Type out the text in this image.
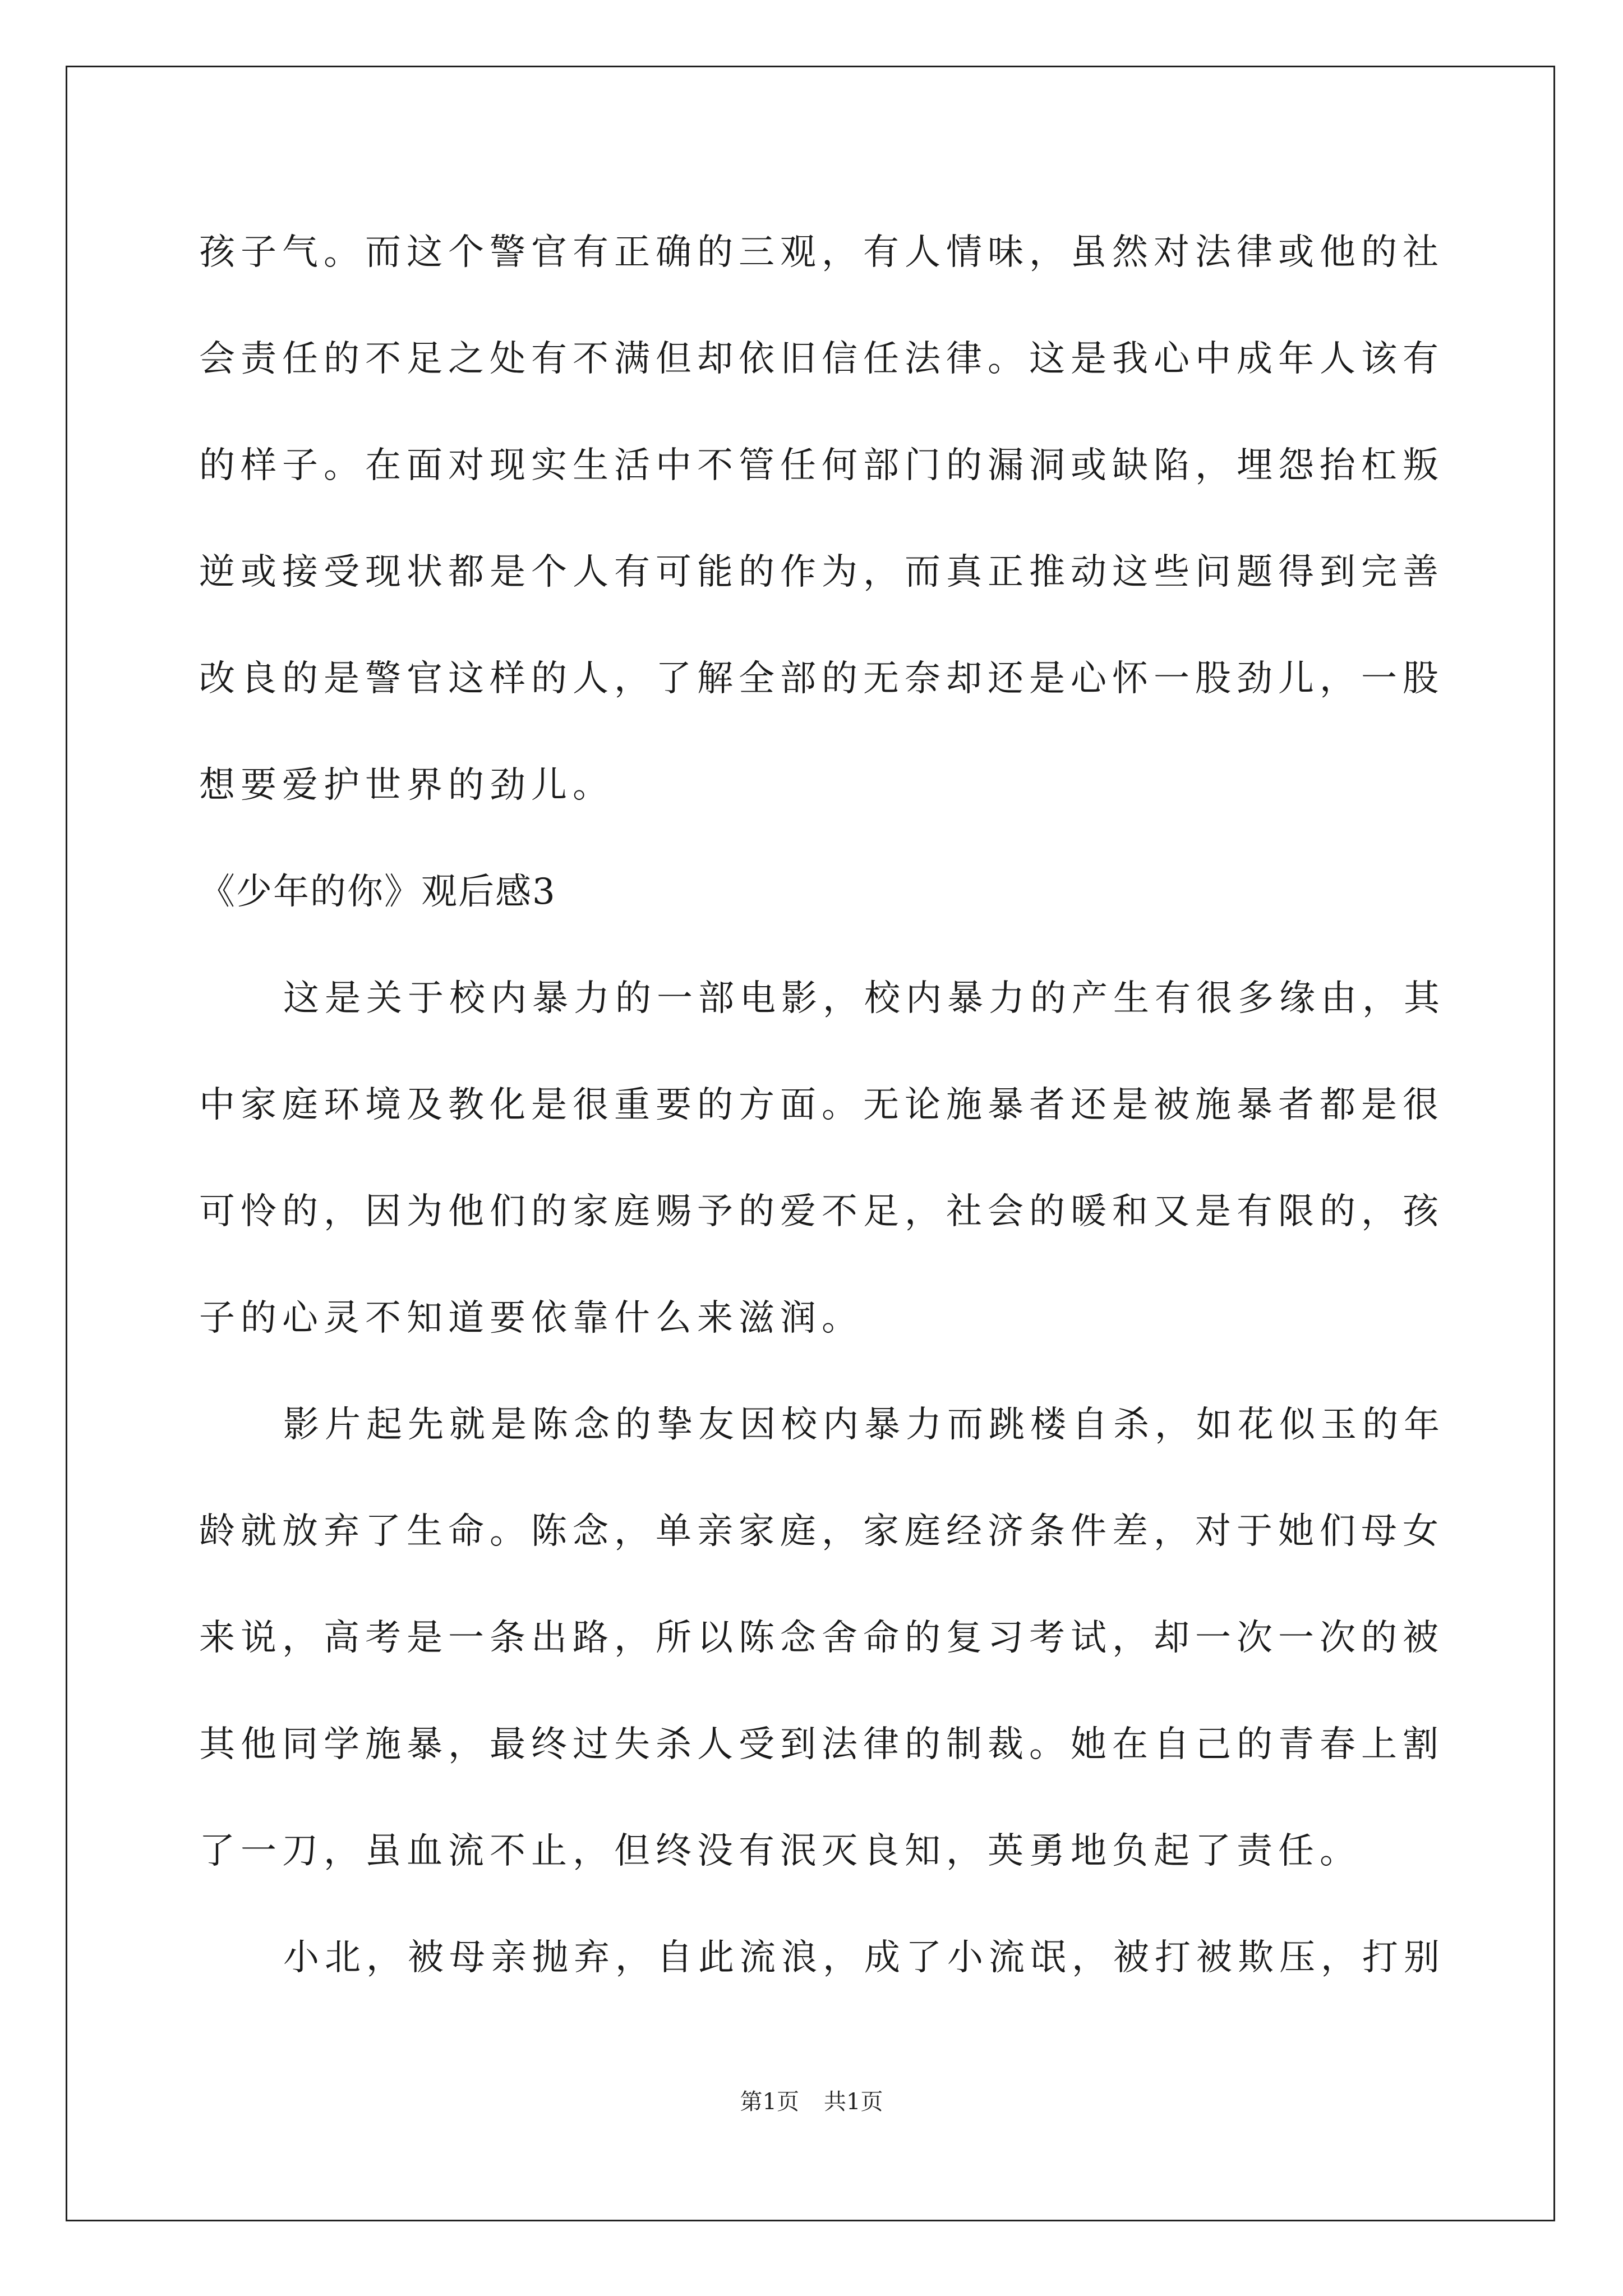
孩子气。而这个警官有正确的三观，有人情味，虽然对法律或他的社
会责任的不足之处有不满但却依旧信任法律。这是我心中成年人该有
的样子。在面对现实生活中不管任何部门的漏洞或缺陷，埋怨抬杠叛
逆或接受现状都是个人有可能的作为，而真正推动这些问题得到完善
改良的是警官这样的人，了解全部的无奈却还是心怀一股劲儿，一股
想要爱护世界的劲儿。
《少年的你》观后感3
这是关于校内暴力的一部电影，校内暴力的产生有很多缘由，其
中家庭环境及教化是很重要的方面。无论施暴者还是被施暴者都是很
可怜的，因为他们的家庭赐予的爱不足，社会的暖和又是有限的，孩
子的心灵不知道要依靠什么来滋润。
影片起先就是陈念的挚友因校内暴力而跳楼自杀，如花似玉的年
龄就放弃了生命。陈念，单亲家庭，家庭经济条件差，对于她们母女
来说，高考是一条出路，所以陈念舍命的复习考试，却一次一次的被
其他同学施暴，最终过失杀人受到法律的制裁。她在自己的青春上割
了一刀，虽血流不止，但终没有泯灭良知，英勇地负起了责任。
小北，被母亲抛弃，自此流浪，成了小流氓，被打被欺压，打别
第1页 共1页
